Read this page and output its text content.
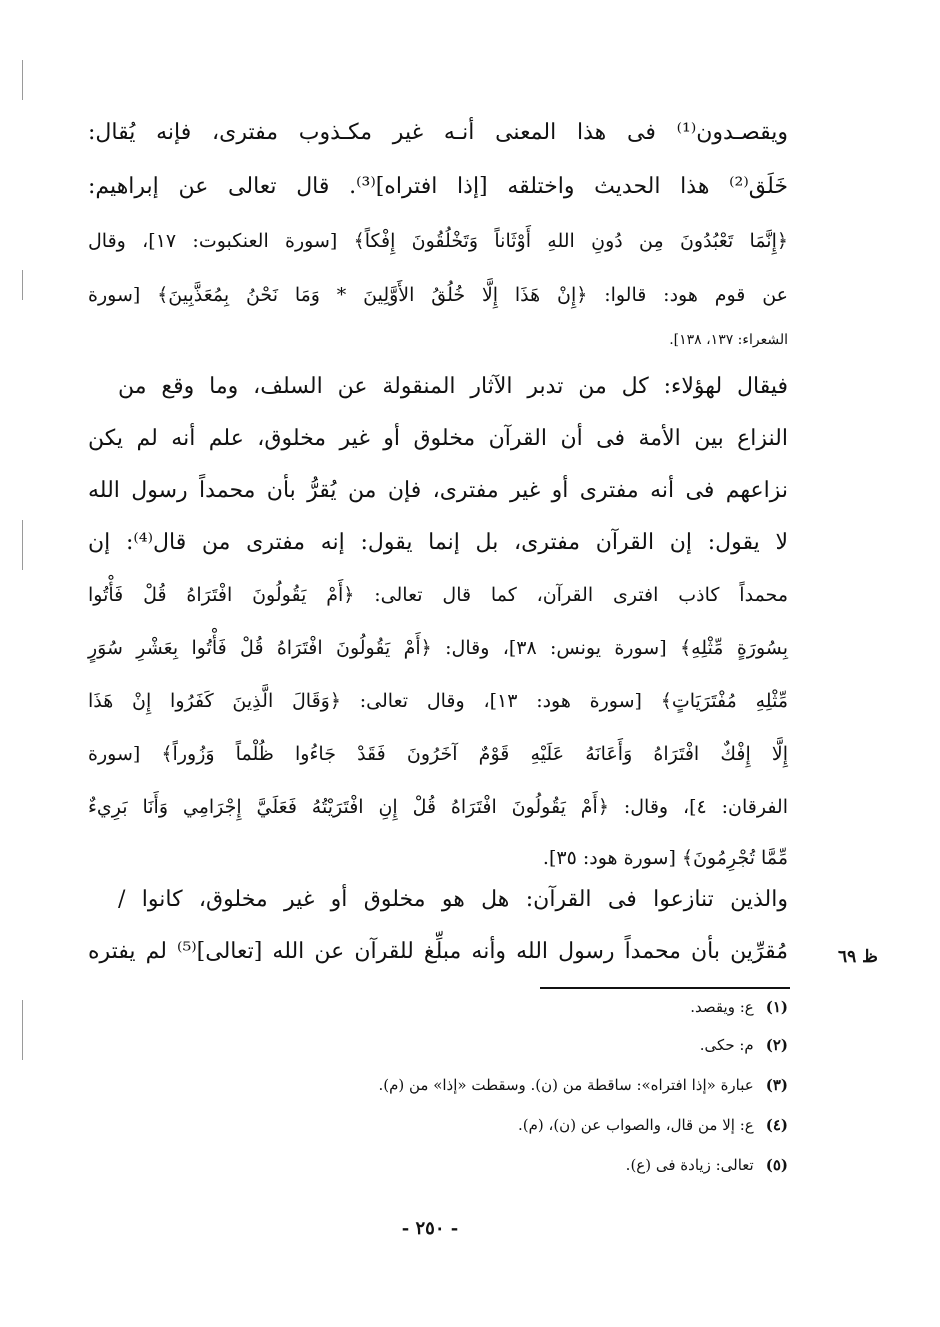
ويقصـدون⁽¹⁾ فى هذا المعنى أنـه غير مكـذوب مفترى، فإنه يُقال:
خَلَق⁽²⁾ هذا الحديث واختلقه [إذا افتراه]⁽³⁾. قال تعالى عن إبراهيم:
﴿إِنَّمَا تَعْبُدُونَ مِن دُونِ اللهِ أَوْثَاناً وَتَخْلُقُونَ إِفْكاً﴾ [سورة العنكبوت: ١٧]، وقال
عن قوم هود: قالوا: ﴿إِنْ هَذَا إِلَّا خُلُقُ الأَوَّلِينَ * وَمَا نَحْنُ بِمُعَذَّبِينَ﴾ [سورة
الشعراء: ١٣٧، ١٣٨].
فيقال لهؤلاء: كل من تدبر الآثار المنقولة عن السلف، وما وقع من
النزاع بين الأمة فى أن القرآن مخلوق أو غير مخلوق، علم أنه لم يكن
نزاعهم فى أنه مفترى أو غير مفترى، فإن من يُقرُّ بأن محمداً رسول الله
لا يقول: إن القرآن مفترى، بل إنما يقول: إنه مفترى من قال⁽⁴⁾: إن
محمداً كاذب افترى القرآن، كما قال تعالى: ﴿أَمْ يَقُولُونَ افْتَرَاهُ قُلْ فَأْتُوا
بِسُورَةٍ مِّثْلِهِ﴾ [سورة يونس: ٣٨]، وقال: ﴿أَمْ يَقُولُونَ افْتَرَاهُ قُلْ فَأْتُوا بِعَشْرِ سُوَرٍ
مِّثْلِهِ مُفْتَرَيَاتٍ﴾ [سورة هود: ١٣]، وقال تعالى: ﴿وَقَالَ الَّذِينَ كَفَرُوا إِنْ هَذَا
إِلَّا إِفْكٌ افْتَرَاهُ وَأَعَانَهُ عَلَيْهِ قَوْمٌ آخَرُونَ فَقَدْ جَاءُوا ظُلْماً وَزُوراً﴾ [سورة
الفرقان: ٤]، وقال: ﴿أَمْ يَقُولُونَ افْتَرَاهُ قُلْ إِنِ افْتَرَيْتُهُ فَعَلَيَّ إِجْرَامِي وَأَنَا بَرِيءٌ
مِّمَّا تُجْرِمُونَ﴾ [سورة هود: ٣٥].
والذين تنازعوا فى القرآن: هل هو مخلوق أو غير مخلوق، كانوا /
مُقرِّين بأن محمداً رسول الله وأنه مبلِّغ للقرآن عن الله [تعالى]⁽⁵⁾ لم يفتره	ظ ٦٩
(١)ع: ويقصد.
(٢)م: حكى.
(٣)عبارة «إذا افتراه»: ساقطة من (ن). وسقطت «إذا» من (م).
(٤)ع: إلا من قال، والصواب عن (ن)، (م).
(٥)تعالى: زيادة فى (ع).
- ٢٥٠ -
